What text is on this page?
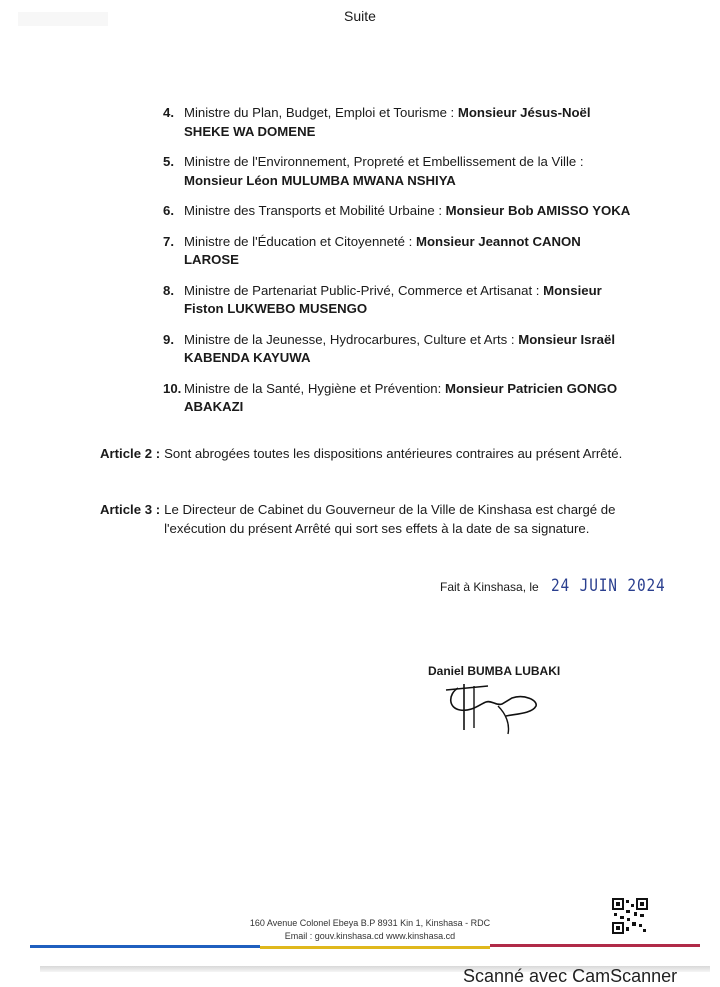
Suite
4. Ministre du Plan, Budget, Emploi et Tourisme : Monsieur Jésus-Noël SHEKE WA DOMENE
5. Ministre de l'Environnement, Propreté et Embellissement de la Ville : Monsieur Léon MULUMBA MWANA NSHIYA
6. Ministre des Transports et Mobilité Urbaine : Monsieur Bob AMISSO YOKA
7. Ministre de l'Éducation et Citoyenneté : Monsieur Jeannot CANON LAROSE
8. Ministre de Partenariat Public-Privé, Commerce et Artisanat : Monsieur Fiston LUKWEBO MUSENGO
9. Ministre de la Jeunesse, Hydrocarbures, Culture et Arts : Monsieur Israël KABENDA KAYUWA
10. Ministre de la Santé, Hygiène et Prévention: Monsieur Patricien GONGO ABAKAZI
Article 2 : Sont abrogées toutes les dispositions antérieures contraires au présent Arrêté.
Article 3 : Le Directeur de Cabinet du Gouverneur de la Ville de Kinshasa est chargé de l'exécution du présent Arrêté qui sort ses effets à la date de sa signature.
Fait à Kinshasa, le 24 JUIN 2024
Daniel BUMBA LUBAKI
160 Avenue Colonel Ebeya B.P 8931 Kin 1, Kinshasa - RDC
Email : gouv.kinshasa.cd www.kinshasa.cd
Scanné avec CamScanner
